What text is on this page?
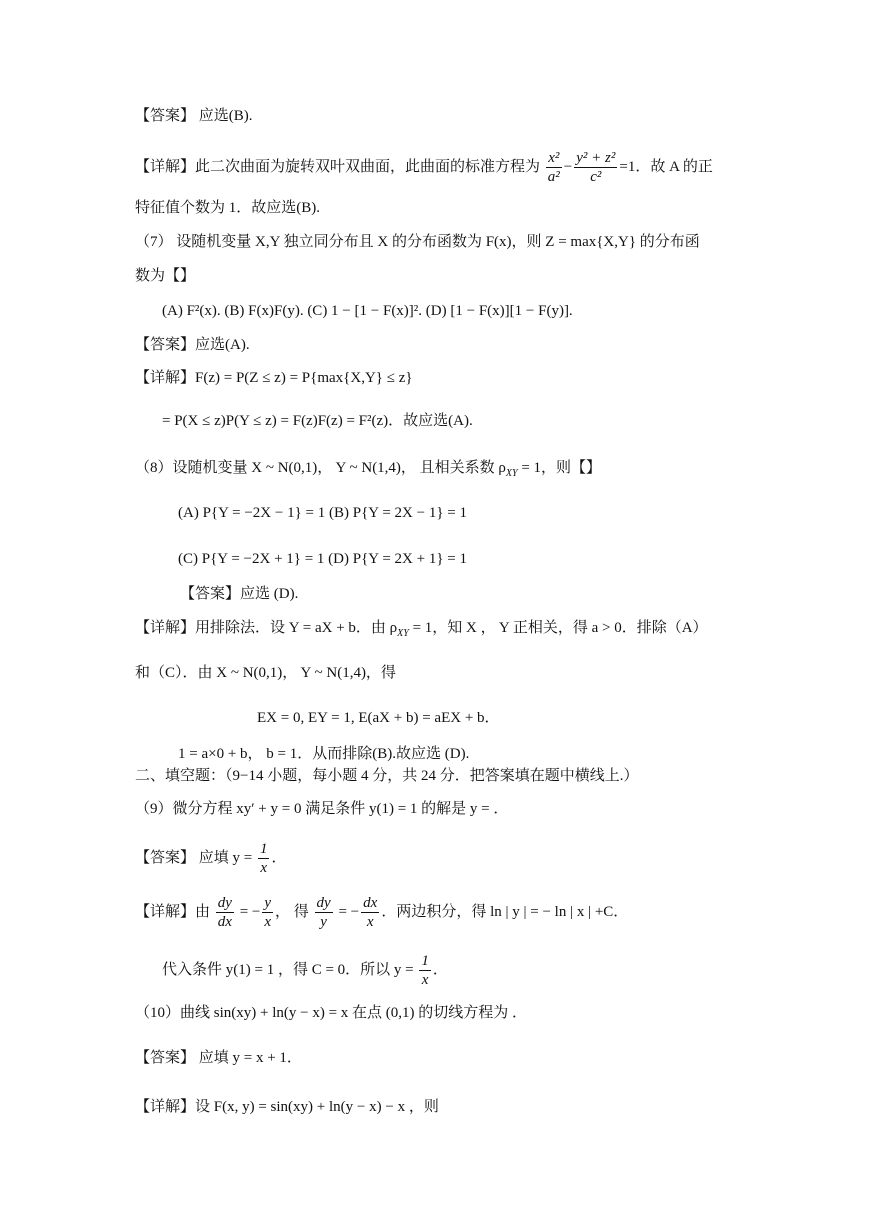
【答案】 应选(B).
【详解】此二次曲面为旋转双叶双曲面，此曲面的标准方程为 $\frac{\text{x²}}{\text{a²}} - \frac{\text{y² + z²}}{\text{c²}} =1$．故 A 的正
特征值个数为 1．故应选(B).
（7） 设随机变量 X,Y 独立同分布且 X 的分布函数为 F(x)，则 Z = max{X,Y} 的分布函
数为【】
(A) F²(x). (B) F(x)F(y). (C) 1 − [1 − F(x)]². (D) [1 − F(x)][1 − F(y)].
【答案】应选(A).
【详解】F(z) = P(Z ≤ z) = P{max{X,Y} ≤ z}
= P(X ≤ z)P(Y ≤ z) = F(z)F(z) = F²(z)．故应选(A).
（8）设随机变量 X ~ N(0,1)， Y ~ N(1,4)， 且相关系数 $\rho_{XY} = 1$，则【】
(A) P{Y = −2X − 1} = 1 (B) P{Y = 2X − 1} = 1
(C) P{Y = −2X + 1} = 1 (D) P{Y = 2X + 1} = 1
【答案】应选 (D).
【详解】用排除法．设 Y = aX + b．由 $\rho_{XY} = 1$，知 X ， Y 正相关，得 a > 0．排除（A）
和（C）．由 X ~ N(0,1)， Y ~ N(1,4)，得
EX = 0, EY = 1, E(aX + b) = aEX + b．
1 = a×0 + b， b = 1．从而排除(B).故应选 (D).
二、填空题：（9−14 小题，每小题 4 分，共 24 分．把答案填在题中横线上.）
（9）微分方程 xy′ + y = 0 满足条件 y(1) = 1 的解是 y = ．
【答案】 应填 $y = \frac{1}{x}$ ．
【详解】由 $\frac{dy}{dx}$ = − $\frac{y}{x}$ ， 得 $\frac{dy}{y}$ = − $\frac{dx}{x}$ ．两边积分，得 ln | y | = − ln | x | +C．
代入条件 y(1) = 1 ，得 C = 0．所以 $y = \frac{1}{x}$ ．
（10）曲线 sin(xy) + ln(y − x) = x 在点 (0,1) 的切线方程为 ．
【答案】 应填 y = x + 1．
【详解】设 F(x, y) = sin(xy) + ln(y − x) − x ，则
